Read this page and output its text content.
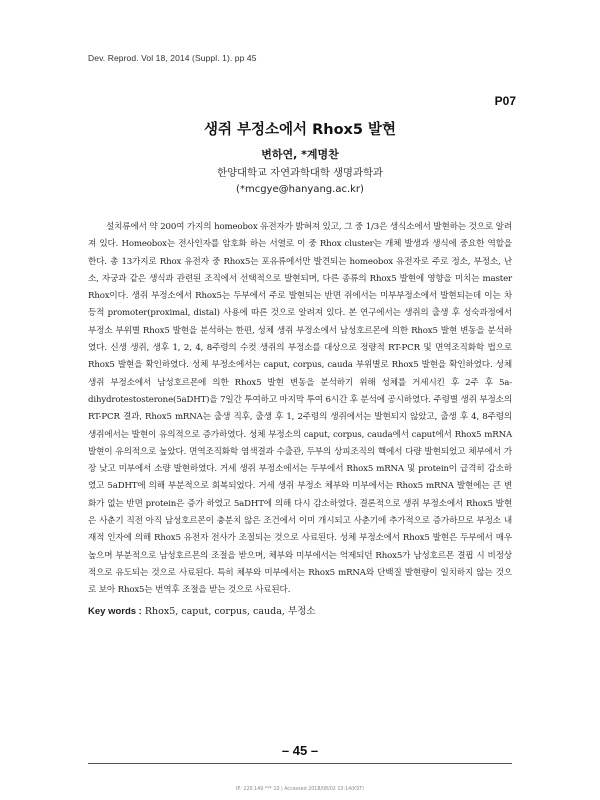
Dev. Reprod. Vol 18, 2014 (Suppl. 1). pp 45
P07
생쥐 부정소에서 Rhox5 발현
변하연, *계명찬
한양대학교 자연과학대학 생명과학과
(*mcgye@hanyang.ac.kr)

설치류에서 약 200여 가지의 homeobox 유전자가 밝혀져 있고, 그 중 1/3은 생식소에서 발현하는 것으로 알려져 있다. Homeobox는 전사인자를 암호화 하는 서열로 이 중 Rhox cluster는 개체 발생과 생식에 중요한 역할을 한다. 총 13가지로 Rhox 유전자 중 Rhox5는 포유류에서만 발견되는 homeobox 유전자로 주로 정소, 부정소, 난소, 자궁과 같은 생식과 관련된 조직에서 선택적으로 발현되며, 다른 종류의 Rhox5 발현에 영향을 미치는 master Rhox이다. 생쥐 부정소에서 Rhox5는 두부에서 주로 발현되는 반면 쥐에서는 미부부정소에서 발현되는데 이는 차등적 promoter(proximal, distal) 사용에 따른 것으로 알려져 있다. 본 연구에서는 생쥐의 출생 후 성숙과정에서 부정소 부위별 Rhox5 발현을 분석하는 한편, 성체 생쥐 부정소에서 남성호르몬에 의한 Rhox5 발현 변동을 분석하였다. 신생 생쥐, 생후 1, 2, 4, 8주령의 수컷 생쥐의 부정소를 대상으로 정량적 RT-PCR 및 면역조직화학 법으로 Rhox5 발현을 확인하였다. 성체 부정소에서는 caput, corpus, cauda 부위별로 Rhox5 발현을 확인하였다. 성체 생쥐 부정소에서 남성호르몬에 의한 Rhox5 발현 변동을 분석하기 위해 성체를 거세시킨 후 2주 후 5a-dihydrotestosterone(5aDHT)을 7일간 투여하고 마지막 투여 6시간 후 분석에 공시하였다. 주령별 생쥐 부정소의 RT-PCR 결과, Rhox5 mRNA는 출생 직후, 출생 후 1, 2주령의 생쥐에서는 발현되지 않았고, 출생 후 4, 8주령의 생쥐에서는 발현이 유의적으로 증가하였다. 성체 부정소의 caput, corpus, cauda에서 caput에서 Rhox5 mRNA 발현이 유의적으로 높았다. 면역조직화학 염색결과 수출관, 두부의 상피조직의 핵에서 다량 발현되었고 체부에서 가장 낮고 미부에서 소량 발현하였다. 거세 생쥐 부정소에서는 두부에서 Rhox5 mRNA 및 protein이 급격히 감소하였고 5aDHT에 의해 부분적으로 회복되었다. 거세 생쥐 부정소 체부와 미부에서는 Rhox5 mRNA 발현에는 큰 변화가 없는 반면 protein은 증가 하였고 5aDHT에 의해 다시 감소하였다. 결론적으로 생쥐 부정소에서 Rhox5 발현은 사춘기 직전 아직 남성호르몬이 충분치 않은 조건에서 이미 개시되고 사춘기에 추가적으로 증가하므로 부정소 내재적 인자에 의해 Rhox5 유전자 전사가 조절되는 것으로 사료된다. 성체 부정소에서 Rhox5 발현은 두부에서 매우 높으며 부분적으로 남성호르몬의 조절을 받으며, 체부와 미부에서는 억제되던 Rhox5가 남성호르몬 결핍 시 비정상적으로 유도되는 것으로 사료된다. 특히 체부와 미부에서는 Rhox5 mRNA와 단백질 발현량이 일치하지 않는 것으로 보아 Rhox5는 번역후 조절을 받는 것으로 사료된다.

Key words : Rhox5, caput, corpus, cauda, 부정소
– 45 –
IP: 220.149.*** 10 | Accessed 2018/08/02 13:14(KST)
